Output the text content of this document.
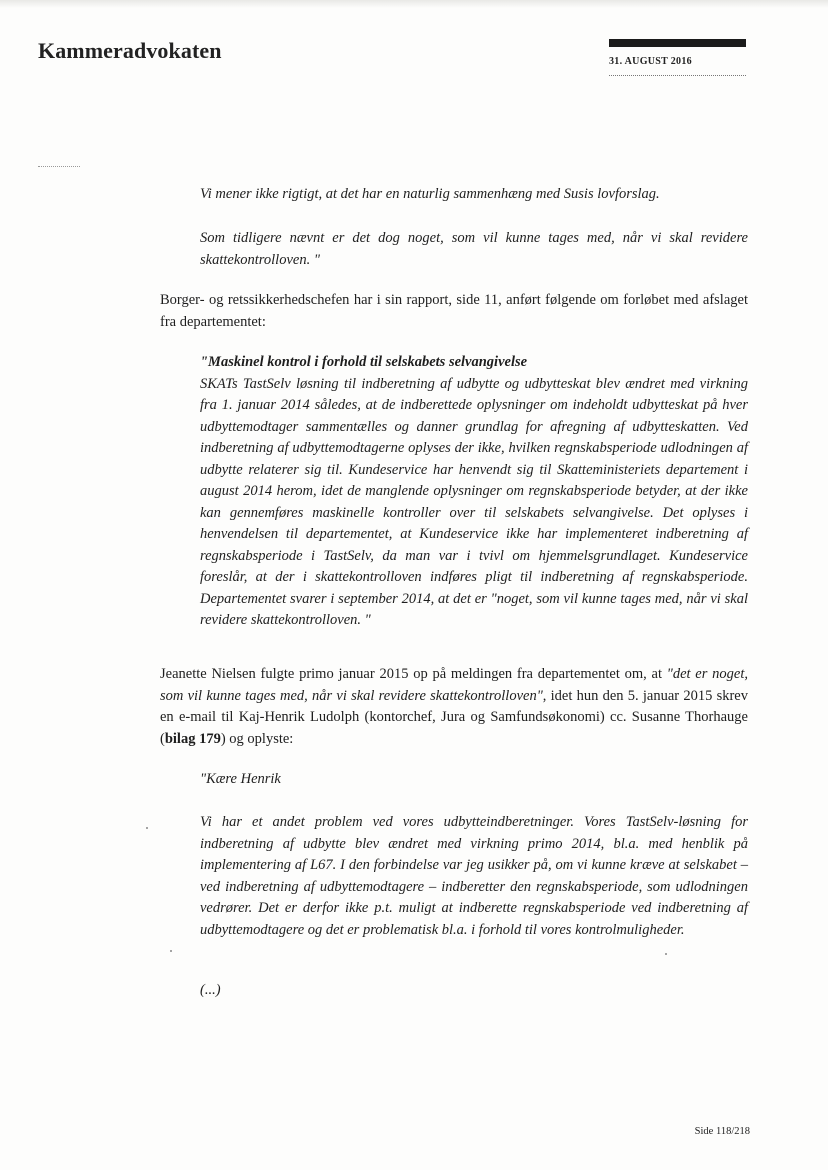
Kammeradvokaten	31. AUGUST 2016

Vi mener ikke rigtigt, at det har en naturlig sammenhæng med Susis lovforslag.

Som tidligere nævnt er det dog noget, som vil kunne tages med, når vi skal revidere skattekontrolloven. "

Borger- og retssikkerhedschefen har i sin rapport, side 11, anført følgende om forløbet med afslaget fra departementet:

"Maskinel kontrol i forhold til selskabets selvangivelse
SKATs TastSelv løsning til indberetning af udbytte og udbytteskat blev ændret med virkning fra 1. januar 2014 således, at de indberettede oplysninger om indeholdt udbytteskat på hver udbyttemodtager sammentælles og danner grundlag for afregning af udbytteskatten. Ved indberetning af udbyttemodtagerne oplyses der ikke, hvilken regnskabsperiode udlodningen af udbytte relaterer sig til. Kundeservice har henvendt sig til Skatteministeriets departement i august 2014 herom, idet de manglende oplysninger om regnskabsperiode betyder, at der ikke kan gennemføres maskinelle kontroller over til selskabets selvangivelse. Det oplyses i henvendelsen til departementet, at Kundeservice ikke har implementeret indberetning af regnskabsperiode i TastSelv, da man var i tvivl om hjemmelsgrundlaget. Kundeservice foreslår, at der i skattekontrolloven indføres pligt til indberetning af regnskabsperiode. Departementet svarer i september 2014, at det er "noget, som vil kunne tages med, når vi skal revidere skattekontrolloven. "

Jeanette Nielsen fulgte primo januar 2015 op på meldingen fra departementet om, at "det er noget, som vil kunne tages med, når vi skal revidere skattekontrolloven", idet hun den 5. januar 2015 skrev en e-mail til Kaj-Henrik Ludolph (kontorchef, Jura og Samfundsøkonomi) cc. Susanne Thorhauge (bilag 179) og oplyste:

"Kære Henrik

Vi har et andet problem ved vores udbytteindberetninger. Vores TastSelv-løsning for indberetning af udbytte blev ændret med virkning primo 2014, bl.a. med henblik på implementering af L67. I den forbindelse var jeg usikker på, om vi kunne kræve at selskabet – ved indberetning af udbyttemodtagere – indberetter den regnskabsperiode, som udlodningen vedrører. Det er derfor ikke p.t. muligt at indberette regnskabsperiode ved indberetning af udbyttemodtagere og det er problematisk bl.a. i forhold til vores kontrolmuligheder.

(...)

Side 118/218
